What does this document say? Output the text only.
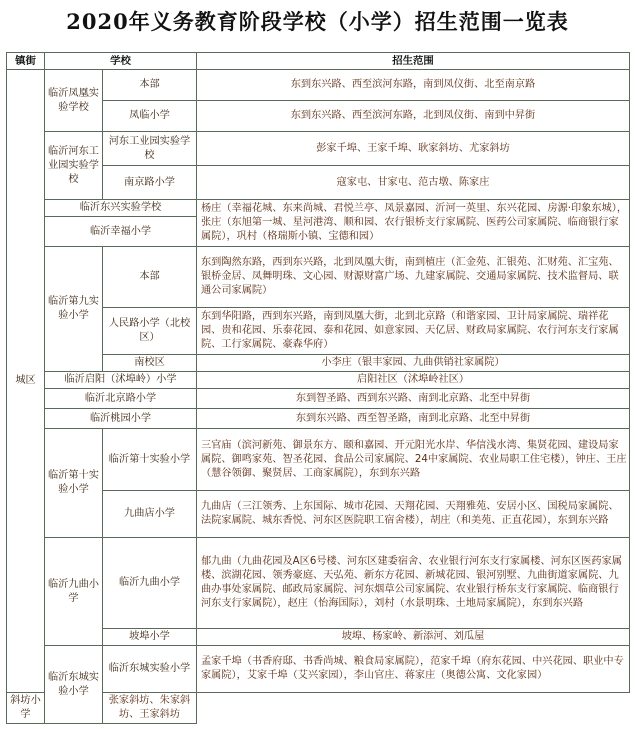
2020年义务教育阶段学校（小学）招生范围一览表
镇街	学校		招生范围
城区	临沂凤凰实验学校	本部	东到东兴路、西至滨河东路，南到凤仪街、北至南京路
		凤临小学	东到东兴路、西至滨河东路，北到凤仪街、南到中昇街
	临沂河东工业园实验学校	河东工业园实验学校	彭家千埠、王家千埠、耿家斜坊、尤家斜坊
		南京路小学	寇家屯、甘家屯、范古墩、陈家庄
	临沂东兴实验学校		杨庄（幸福花城、东来尚城、君悦兰亭、凤景嘉园、沂河一英里、东兴花园、房源·印象东城），张庄（东旭第一城、星河港湾、顺和园、农行银桥支行家属院、医药公司家属院、临商银行家属院），巩村（格瑞斯小镇、宝德和园）
	临沂幸福小学		
	临沂第九实验小学	本部	东到陶然东路，西到东兴路，北到凤凰大街，南到植庄（汇金苑、汇银苑、汇财苑、汇宝苑、银桥金居、凤舞明珠、文心园、财源财富广场、九建家属院、交通局家属院、技术监督局、联通公司家属院）
		人民路小学（北校区）	东到华阳路，西到东兴路，南到凤凰大街，北到北京路（和谐家园、卫计局家属院、瑞祥花园、贵和花园、乐泰花园、泰和花园、如意家园、天亿居、财政局家属院、农行河东支行家属院、工行家属院、豪森华府）
		南校区	小李庄（银丰家园、九曲供销社家属院）
	临沂启阳（沭埠岭）小学		启阳社区（沭埠岭社区）
	临沂北京路小学		东到智圣路、西到东兴路、南到北京路、北至中昇街
	临沂桃园小学		东到东兴路、西至智圣路，南到北京路、北至中昇街
	临沂第十实验小学	临沂第十实验小学	三官庙（滨河新苑、御景东方、颐和嘉园、开元阳光水岸、华信浅水湾、集贤花园、建设局家属院、御鸣家苑、智圣花园、食品公司家属院、24中家属院、农业局职工住宅楼），钟庄、王庄（慧谷领御、聚贤居、工商家属院），东到东兴路
		九曲店小学	九曲店（三江领秀、上东国际、城市花园、天翔花园、天翔雅苑、安居小区、国税局家属院、法院家属院、城东香悦、河东区医院职工宿舍楼），胡庄（和美苑、正直花园），东到东兴路
	临沂九曲小学	临沂九曲小学	郁九曲（九曲花园及A区6号楼、河东区建委宿舍、农业银行河东支行家属楼、河东区医药家属楼、滨湖花园、领秀豪庭、天弘苑、新东方花园、新城花园、银河别墅、九曲街道家属院、九曲办事处家属院、邮政局家属院、河东烟草公司家属院、农业银行桥东支行家属院、临商银行河东支行家属院），赵庄（怡海国际），刘村（水景明珠、土地局家属院），东到东兴路
		坡埠小学	坡埠、杨家岭、新添河、刘瓜屋
	临沂东城实验小学	临沂东城实验小学	孟家千埠（书香府邸、书香尚城、粮食局家属院），范家千埠（府东花园、中兴花园、职业中专家属院），艾家千埠（艾兴家园），李山官庄、蒋家庄（奥德公寓、文化家园）
斜坊小学		张家斜坊、朱家斜坊、王家斜坊	
